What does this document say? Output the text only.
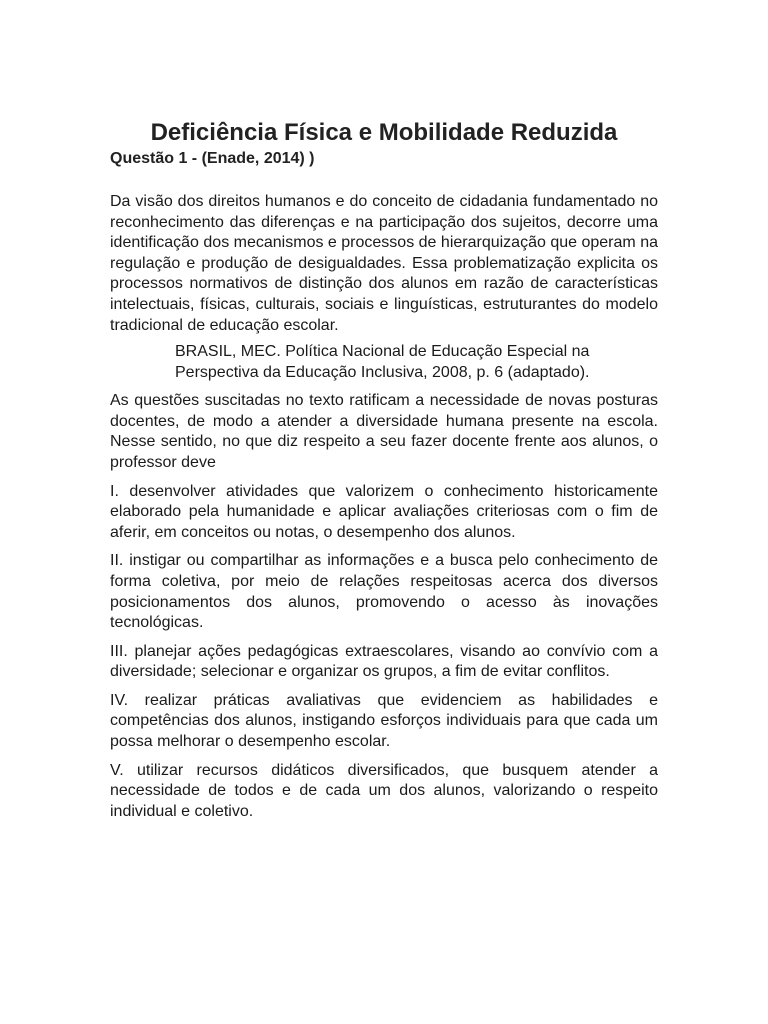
Deficiência Física e Mobilidade Reduzida

Questão 1 - (Enade, 2014) )

Da visão dos direitos humanos e do conceito de cidadania fundamentado no reconhecimento das diferenças e na participação dos sujeitos, decorre uma identificação dos mecanismos e processos de hierarquização que operam na regulação e produção de desigualdades. Essa problematização explicita os processos normativos de distinção dos alunos em razão de características intelectuais, físicas, culturais, sociais e linguísticas, estruturantes do modelo tradicional de educação escolar.

BRASIL, MEC. Política Nacional de Educação Especial na Perspectiva da Educação Inclusiva, 2008, p. 6 (adaptado).

As questões suscitadas no texto ratificam a necessidade de novas posturas docentes, de modo a atender a diversidade humana presente na escola. Nesse sentido, no que diz respeito a seu fazer docente frente aos alunos, o professor deve

I. desenvolver atividades que valorizem o conhecimento historicamente elaborado pela humanidade e aplicar avaliações criteriosas com o fim de aferir, em conceitos ou notas, o desempenho dos alunos.

II. instigar ou compartilhar as informações e a busca pelo conhecimento de forma coletiva, por meio de relações respeitosas acerca dos diversos posicionamentos dos alunos, promovendo o acesso às inovações tecnológicas.

III. planejar ações pedagógicas extraescolares, visando ao convívio com a diversidade; selecionar e organizar os grupos, a fim de evitar conflitos.

IV. realizar práticas avaliativas que evidenciem as habilidades e competências dos alunos, instigando esforços individuais para que cada um possa melhorar o desempenho escolar.

V. utilizar recursos didáticos diversificados, que busquem atender a necessidade de todos e de cada um dos alunos, valorizando o respeito individual e coletivo.
